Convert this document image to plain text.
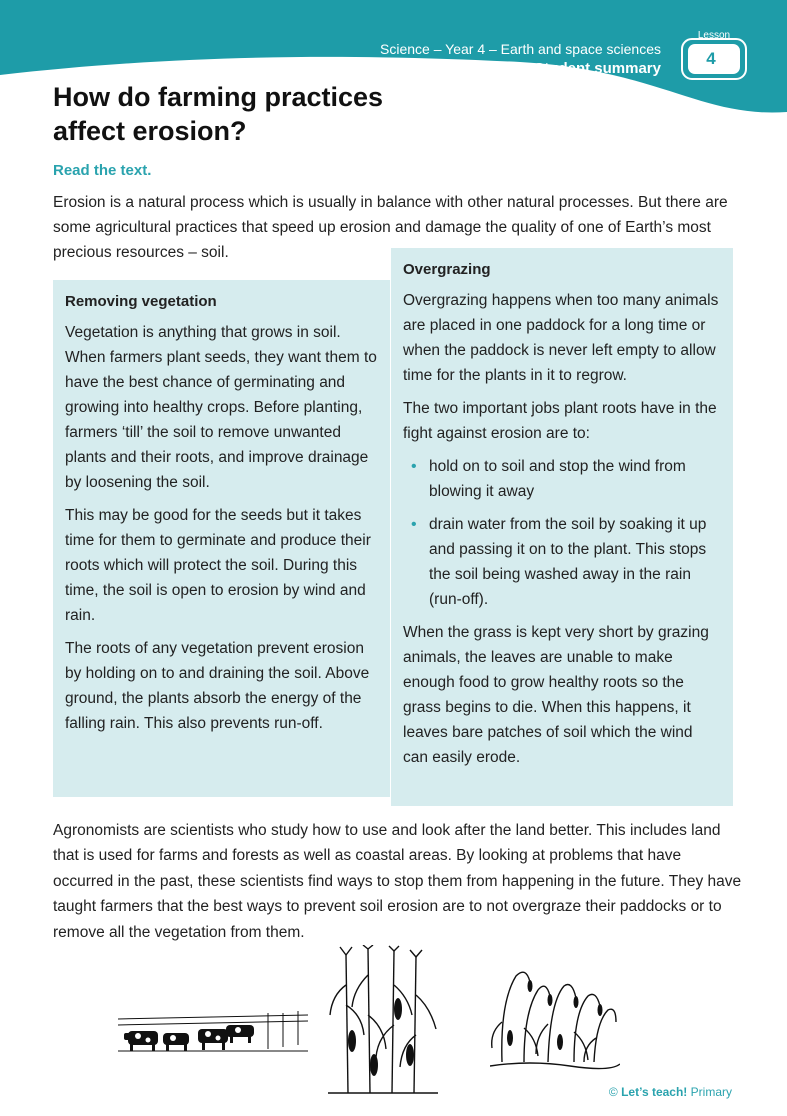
Science – Year 4 – Earth and space sciences
Student summary
Lesson
4
How do farming practices
affect erosion?

Read the text.

Erosion is a natural process which is usually in balance with other natural processes. But there are some agricultural practices that speed up erosion and damage the quality of one of Earth’s most precious resources – soil.

Removing vegetation

Vegetation is anything that grows in soil. When farmers plant seeds, they want them to have the best chance of germinating and growing into healthy crops. Before planting, farmers ‘till’ the soil to remove unwanted plants and their roots, and improve drainage by loosening the soil.

This may be good for the seeds but it takes time for them to germinate and produce their roots which will protect the soil. During this time, the soil is open to erosion by wind and rain.

The roots of any vegetation prevent erosion by holding on to and draining the soil. Above ground, the plants absorb the energy of the falling rain. This also prevents run-off.

Overgrazing

Overgrazing happens when too many animals are placed in one paddock for a long time or when the paddock is never left empty to allow time for the plants in it to regrow.

The two important jobs plant roots have in the fight against erosion are to:

• hold on to soil and stop the wind from blowing it away
• drain water from the soil by soaking it up and passing it on to the plant. This stops the soil being washed away in the rain (run-off).

When the grass is kept very short by grazing animals, the leaves are unable to make enough food to grow healthy roots so the grass begins to die. When this happens, it leaves bare patches of soil which the wind can easily erode.

Agronomists are scientists who study how to use and look after the land better. This includes land that is used for farms and forests as well as coastal areas. By looking at problems that have occurred in the past, these scientists find ways to stop them from happening in the future. They have taught farmers that the best ways to prevent soil erosion are to not overgraze their paddocks or to remove all the vegetation from them.

© Let’s teach! Primary
